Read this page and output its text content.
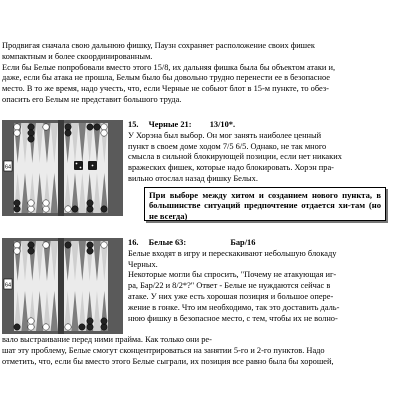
Продвигая сначала свою дальнюю фишку, Паузн сохраняет расположение своих фишек
компактным и более скоординированным.
Если бы Белые попробовали вместо этого 15/8, их дальняя фишка была бы объектом атаки и,
даже, если бы атака не прошла, Белым было бы довольно трудно перенести ее в безопасное
место. В то же время, надо учесть, что, если Черные не собьют блот в 15-м пункте, то обез-
опасить его Белым не представит большого труда.
64
15. Черные 21: 13/10*.
У Хорэна был выбор. Он мог занять наиболее ценный
пункт в своем доме ходом 7/5 6/5. Однако, не так много
смысла в сильной блокирующей позиции, если нет никаких
вражеских фишек, которые надо блокировать. Хорэн пра-
вильно отослал назад фишку Белых.
При выборе между хитом и созданием нового пункта, в большинстве ситуаций предпочтение отдается хи-там (но не всегда)
64
16. Белые 63:	Бар/16
Белые входят в игру и перескакивают небольшую блокаду
Черных.
Некоторые могли бы спросить, "Почему не атакующая иг-
ра, Бар/22 и 8/2*?" Ответ - Белые не нуждаются сейчас в
атаке. У них уже есть хорошая позиция и большое опере-
жение в гонке. Что им необходимо, так это доставить даль-
нюю фишку в безопасное место, с тем, чтобы их не волно-
вало выстраивание перед ними прайма. Как только они ре-
шат эту проблему, Белые смогут сконцентрироваться на занятии 5-го и 2-го пунктов. Надо
отметить, что, если бы вместо этого Белые сыграли, их позиция все равно была бы хорошей,
